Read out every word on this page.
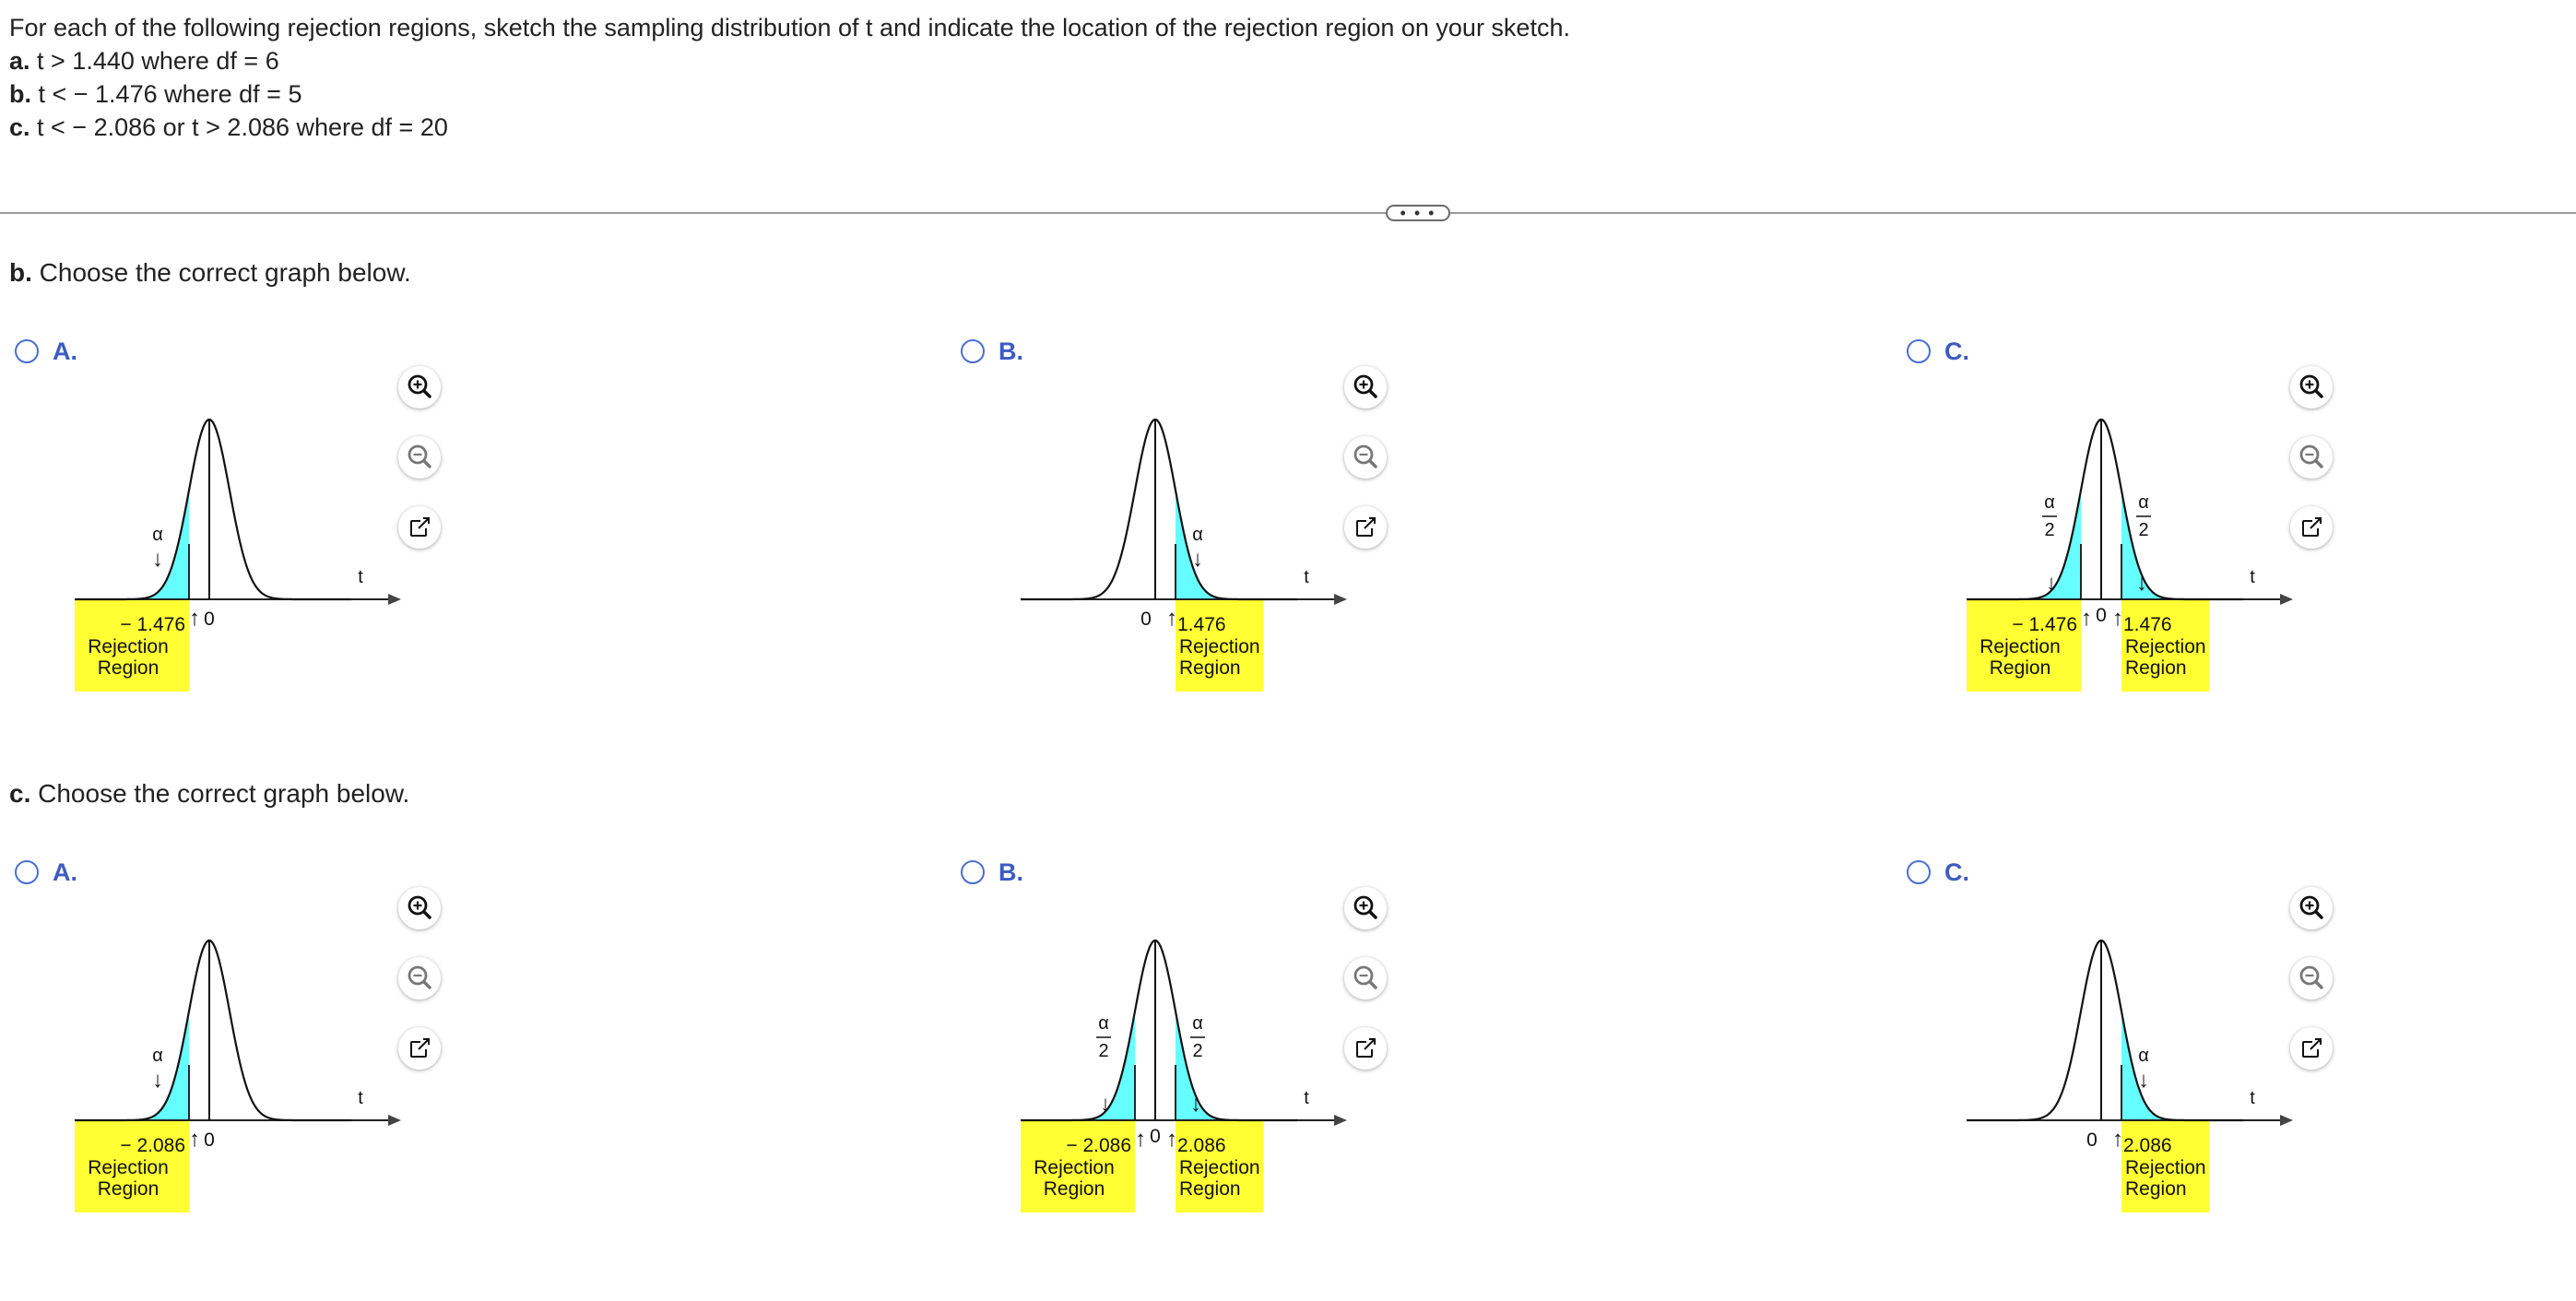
For each of the following rejection regions, sketch the sampling distribution of t and indicate the location of the rejection region on your sketch.
a. t > 1.440 where df = 6
b. t < − 1.476 where df = 5
c. t < − 2.086 or t > 2.086 where df = 20
• • •
b. Choose the correct graph below.
c. Choose the correct graph below.
A.
t
− 1.476 ↑
Rejection
Region
α
↓
0
B.
t
↑ 1.476
Rejection
Region
α
↓
0
C.
t
− 1.476 ↑
Rejection
Region
α
2
↓
↑ 1.476
Rejection
Region
α
2
↓
0
A.
t
− 2.086 ↑
Rejection
Region
α
↓
0
B.
t
− 2.086 ↑
Rejection
Region
α
2
↓
↑ 2.086
Rejection
Region
α
2
↓
0
C.
t
↑ 2.086
Rejection
Region
α
↓
0
